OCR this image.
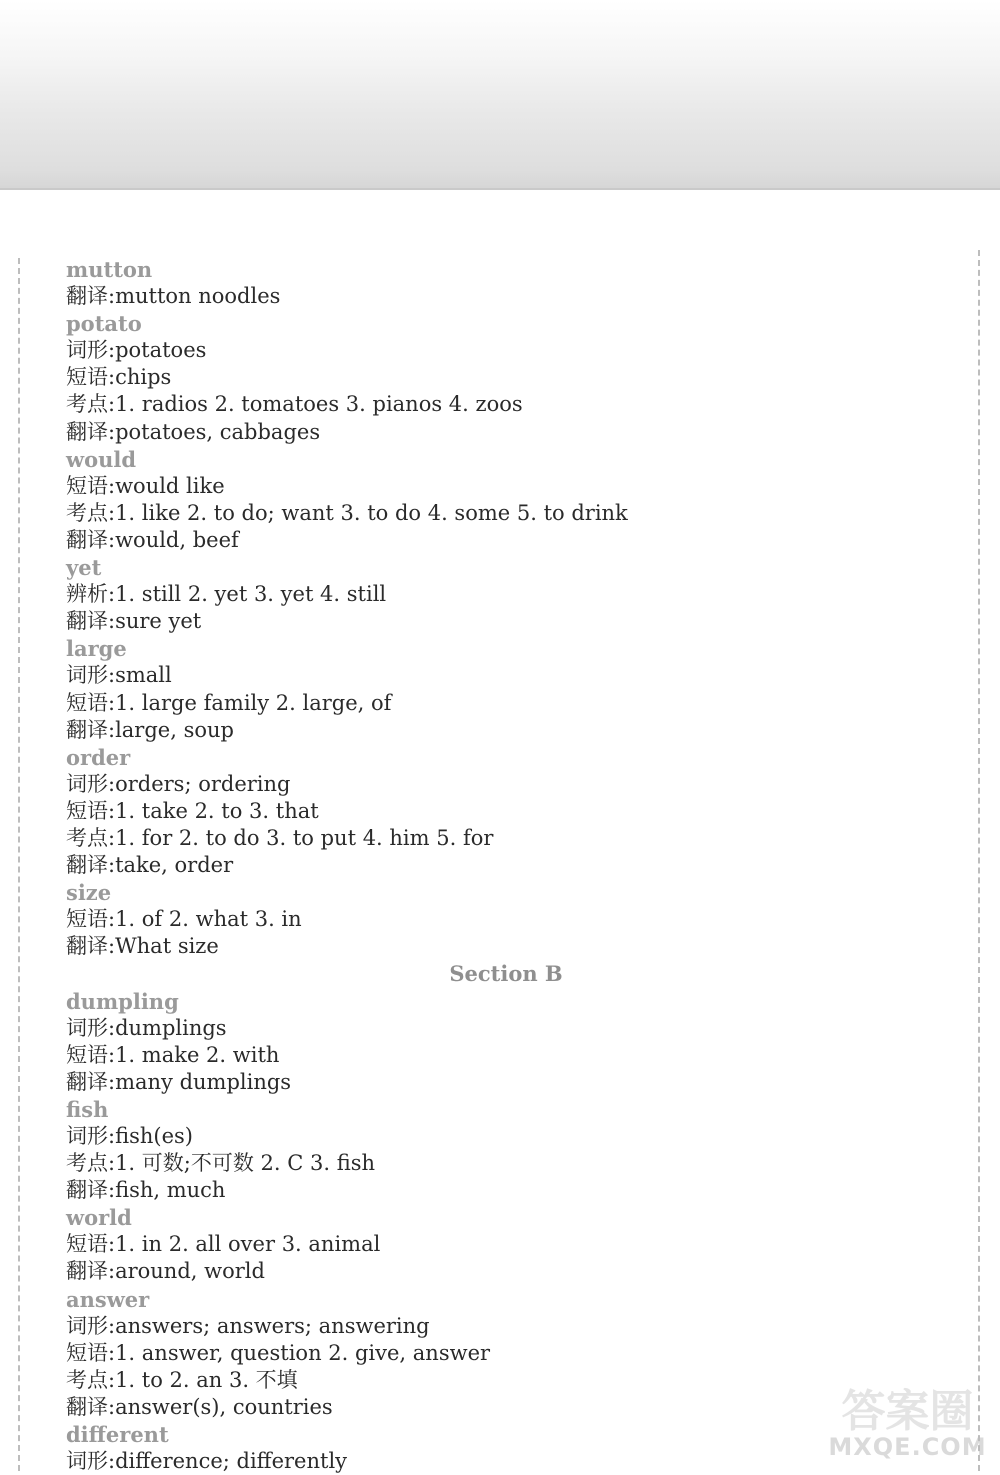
mutton
翻译:mutton noodles
potato
词形:potatoes
短语:chips
考点:1. radios 2. tomatoes 3. pianos 4. zoos
翻译:potatoes, cabbages
would
短语:would like
考点:1. like 2. to do; want 3. to do 4. some 5. to drink
翻译:would, beef
yet
辨析:1. still 2. yet 3. yet 4. still
翻译:sure yet
large
词形:small
短语:1. large family 2. large, of
翻译:large, soup
order
词形:orders; ordering
短语:1. take 2. to 3. that
考点:1. for 2. to do 3. to put 4. him 5. for
翻译:take, order
size
短语:1. of 2. what 3. in
翻译:What size
Section B
dumpling
词形:dumplings
短语:1. make 2. with
翻译:many dumplings
fish
词形:fish(es)
考点:1. 可数;不可数 2. C 3. fish
翻译:fish, much
world
短语:1. in 2. all over 3. animal
翻译:around, world
answer
词形:answers; answers; answering
短语:1. answer, question 2. give, answer
考点:1. to 2. an 3. 不填
翻译:answer(s), countries
different
词形:difference; differently
答案圈
MXQE.COM
